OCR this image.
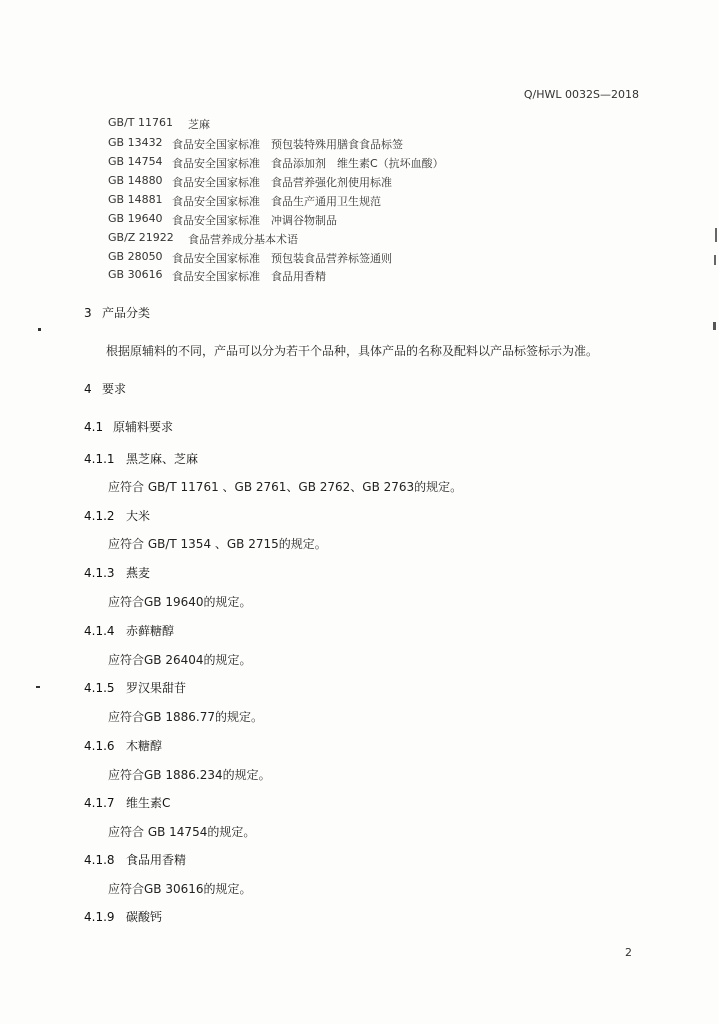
Q/HWL 0032S—2018
GB/T 11761 芝麻
GB 13432 食品安全国家标准　预包装特殊用膳食食品标签
GB 14754 食品安全国家标准　食品添加剂　维生素C（抗坏血酸）
GB 14880 食品安全国家标准　食品营养强化剂使用标准
GB 14881 食品安全国家标准　食品生产通用卫生规范
GB 19640 食品安全国家标准　冲调谷物制品
GB/Z 21922 食品营养成分基本术语
GB 28050 食品安全国家标准　预包装食品营养标签通则
GB 30616 食品安全国家标准　食品用香精
3 产品分类
根据原辅料的不同，产品可以分为若干个品种，具体产品的名称及配料以产品标签标示为准。
4 要求
4.1 原辅料要求
4.1.1 黑芝麻、芝麻
应符合 GB/T 11761 、GB 2761、GB 2762、GB 2763的规定。
4.1.2 大米
应符合 GB/T 1354 、GB 2715的规定。
4.1.3 燕麦
应符合GB 19640的规定。
4.1.4 赤藓糖醇
应符合GB 26404的规定。
4.1.5 罗汉果甜苷
应符合GB 1886.77的规定。
4.1.6 木糖醇
应符合GB 1886.234的规定。
4.1.7 维生素C
应符合 GB 14754的规定。
4.1.8 食品用香精
应符合GB 30616的规定。
4.1.9 碳酸钙
2
